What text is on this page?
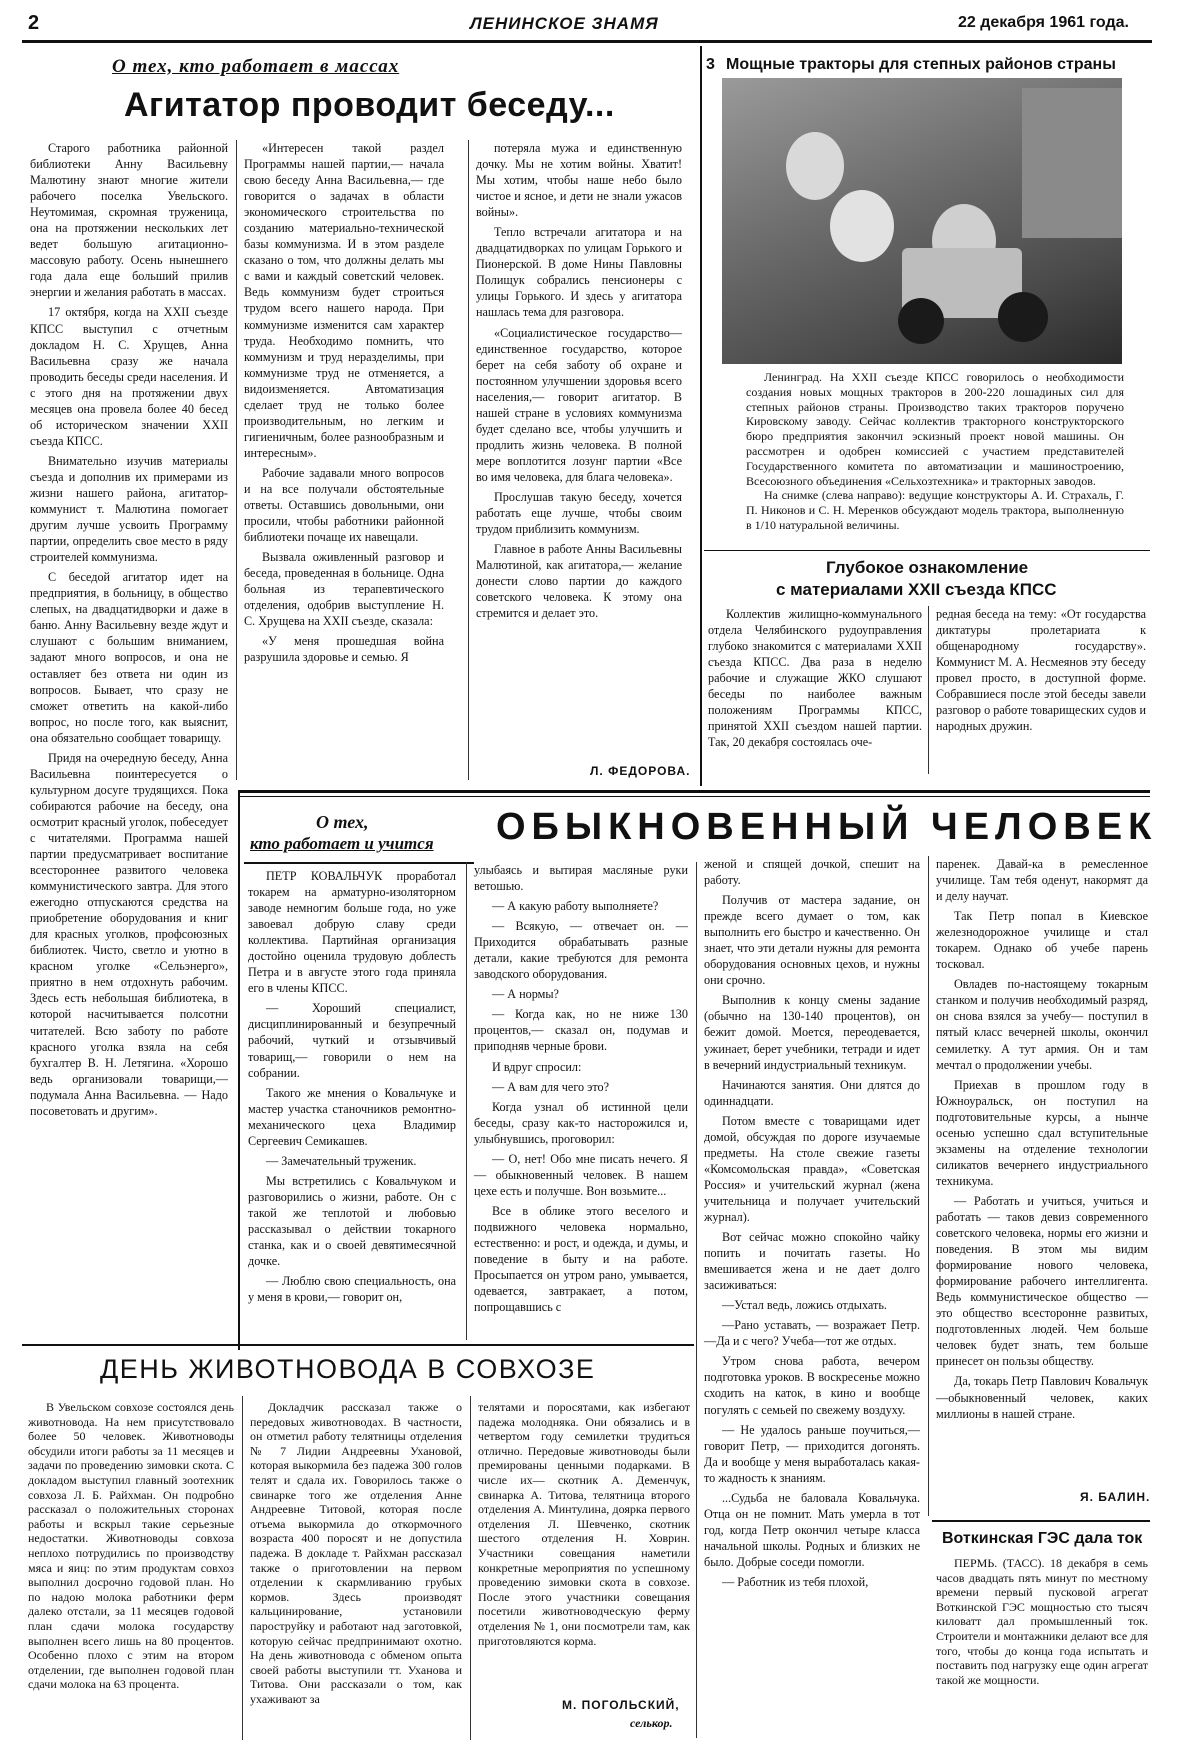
2	ЛЕНИНСКОЕ ЗНАМЯ	22 декабря 1961 года.
О тех, кто работает в массах
Агитатор проводит беседу...

Старого работника районной библиотеки Анну Васильевну Малютину знают многие жители рабочего поселка Увельского. Неутомимая, скромная труженица, она на протяжении нескольких лет ведет большую агитационно-массовую работу. Осень нынешнего года дала еще больший прилив энергии и желания работать в массах.

17 октября, когда на XXII съезде КПСС выступил с отчетным докладом Н. С. Хрущев, Анна Васильевна сразу же начала проводить беседы среди населения. И с этого дня на протяжении двух месяцев она провела более 40 бесед об историческом значении XXII съезда КПСС.

Внимательно изучив материалы съезда и дополнив их примерами из жизни нашего района, агитатор-коммунист т. Малютина помогает другим лучше усвоить Программу партии, определить свое место в ряду строителей коммунизма.

С беседой агитатор идет на предприятия, в больницу, в общество слепых, на двадцатидворки и даже в баню. Анну Васильевну везде ждут и слушают с большим вниманием, задают много вопросов, и она не оставляет без ответа ни один из вопросов. Бывает, что сразу не сможет ответить на какой-либо вопрос, но после того, как выяснит, она обязательно сообщает товарищу.

Придя на очередную беседу, Анна Васильевна поинтересуется о культурном досуге трудящихся. Пока собираются рабочие на беседу, она осмотрит красный уголок, побеседует с читателями. Программа нашей партии предусматривает воспитание всестороннее развитого человека коммунистического завтра. Для этого ежегодно отпускаются средства на приобретение оборудования и книг для красных уголков, профсоюзных библиотек. Чисто, светло и уютно в красном уголке «Сельэнерго», приятно в нем отдохнуть рабочим. Здесь есть небольшая библиотека, в которой насчитывается полсотни читателей. Всю заботу по работе красного уголка взяла на себя бухгалтер В. Н. Летягина. «Хорошо ведь организовали товарищи,— подумала Анна Васильевна. — Надо посоветовать и другим».

«Интересен такой раздел Программы нашей партии,— начала свою беседу Анна Васильевна,— где говорится о задачах в области экономического строительства по созданию материально-технической базы коммунизма. И в этом разделе сказано о том, что должны делать мы с вами и каждый советский человек. Ведь коммунизм будет строиться трудом всего нашего народа. При коммунизме изменится сам характер труда. Необходимо помнить, что коммунизм и труд неразделимы, при коммунизме труд не отменяется, а видоизменяется. Автоматизация сделает труд не только более производительным, но легким и гигиеничным, более разнообразным и интересным».

Рабочие задавали много вопросов и на все получали обстоятельные ответы. Оставшись довольными, они просили, чтобы работники районной библиотеки почаще их навещали.

Вызвала оживленный разговор и беседа, проведенная в больнице. Одна больная из терапевтического отделения, одобрив выступление Н. С. Хрущева на XXII съезде, сказала:

«У меня прошедшая война разрушила здоровье и семью. Я

потеряла мужа и единственную дочку. Мы не хотим войны. Хватит! Мы хотим, чтобы наше небо было чистое и ясное, и дети не знали ужасов войны».

Тепло встречали агитатора и на двадцатидворках по улицам Горького и Пионерской. В доме Нины Павловны Полищук собрались пенсионеры с улицы Горького. И здесь у агитатора нашлась тема для разговора.

«Социалистическое государство— единственное государство, которое берет на себя заботу об охране и постоянном улучшении здоровья всего населения,— говорит агитатор. В нашей стране в условиях коммунизма будет сделано все, чтобы улучшить и продлить жизнь человека. В полной мере воплотится лозунг партии «Все во имя человека, для блага человека».

Прослушав такую беседу, хочется работать еще лучше, чтобы своим трудом приблизить коммунизм.

Главное в работе Анны Васильевны Малютиной, как агитатора,— желание донести слово партии до каждого советского человека. К этому она стремится и делает это.

Л. ФЕДОРОВА.
3 Мощные тракторы для степных районов страны

Ленинград. На XXII съезде КПСС говорилось о необходимости создания новых мощных тракторов в 200-220 лошадиных сил для степных районов страны. Производство таких тракторов поручено Кировскому заводу. Сейчас коллектив тракторного конструкторского бюро предприятия закончил эскизный проект новой машины. Он рассмотрен и одобрен комиссией с участием представителей Государственного комитета по автоматизации и машиностроению, Всесоюзного объединения «Сельхозтехника» и тракторных заводов.

На снимке (слева направо): ведущие конструкторы А. И. Страхаль, Г. П. Никонов и С. Н. Меренков обсуждают модель трактора, выполненную в 1/10 натуральной величины.

Глубокое ознакомление
с материалами XXII съезда КПСС

Коллектив жилищно-коммунального отдела Челябинского рудоуправления глубоко знакомится с материалами XXII съезда КПСС. Два раза в неделю рабочие и служащие ЖКО слушают беседы по наиболее важным положениям Программы КПСС, принятой XXII съездом нашей партии. Так, 20 декабря состоялась оче-

редная беседа на тему: «От государства диктатуры пролетариата к общенародному государству». Коммунист М. А. Несмеянов эту беседу провел просто, в доступной форме. Собравшиеся после этой беседы завели разговор о работе товарищеских судов и народных дружин.

О тех,
кто работает и учится ОБЫКНОВЕННЫЙ ЧЕЛОВЕК

ПЕТР КОВАЛЬЧУК проработал токарем на арматурно-изоляторном заводе немногим больше года, но уже завоевал добрую славу среди коллектива. Партийная организация достойно оценила трудовую доблесть Петра и в августе этого года приняла его в члены КПСС.

— Хороший специалист, дисциплинированный и безупречный рабочий, чуткий и отзывчивый товарищ,— говорили о нем на собрании.

Такого же мнения о Ковальчуке и мастер участка станочников ремонтно-механического цеха Владимир Сергеевич Семикашев.

— Замечательный труженик.

Мы встретились с Ковальчуком и разговорились о жизни, работе. Он с такой же теплотой и любовью рассказывал о действии токарного станка, как и о своей девятимесячной дочке.

— Люблю свою специальность, она у меня в крови,— говорит он,

улыбаясь и вытирая масляные руки ветошью.

— А какую работу выполняете?

— Всякую, — отвечает он. —Приходится обрабатывать разные детали, какие требуются для ремонта заводского оборудования.

— А нормы?

— Когда как, но не ниже 130 процентов,— сказал он, подумав и приподняв черные брови.

И вдруг спросил:

— А вам для чего это?

Когда узнал об истинной цели беседы, сразу как-то насторожился и, улыбнувшись, проговорил:

— О, нет! Обо мне писать нечего. Я— обыкновенный человек. В нашем цехе есть и получше. Вон возьмите...

Все в облике этого веселого и подвижного человека нормально, естественно: и рост, и одежда, и думы, и поведение в быту и на работе. Просыпается он утром рано, умывается, одевается, завтракает, а потом, попрощавшись с

женой и спящей дочкой, спешит на работу.

Получив от мастера задание, он прежде всего думает о том, как выполнить его быстро и качественно. Он знает, что эти детали нужны для ремонта оборудования основных цехов, и нужны они срочно.

Выполнив к концу смены задание (обычно на 130-140 процентов), он бежит домой. Моется, переодевается, ужинает, берет учебники, тетради и идет в вечерний индустриальный техникум.

Начинаются занятия. Они длятся до одиннадцати.

Потом вместе с товарищами идет домой, обсуждая по дороге изучаемые предметы. На столе свежие газеты «Комсомольская правда», «Советская Россия» и учительский журнал (жена учительница и получает учительский журнал).

Вот сейчас можно спокойно чайку попить и почитать газеты. Но вмешивается жена и не дает долго засиживаться:

—Устал ведь, ложись отдыхать.

—Рано уставать, — возражает Петр.—Да и с чего? Учеба—тот же отдых.

Утром снова работа, вечером подготовка уроков. В воскресенье можно сходить на каток, в кино и вообще погулять с семьей по свежему воздуху.

— Не удалось раньше поучиться,— говорит Петр, — приходится догонять. Да и вообще у меня выработалась какая-то жадность к знаниям.

...Судьба не баловала Ковальчука. Отца он не помнит. Мать умерла в тот год, когда Петр окончил четыре класса начальной школы. Родных и близких не было. Добрые соседи помогли.

— Работник из тебя плохой,

паренек. Давай-ка в ремесленное училище. Там тебя оденут, накормят да и делу научат.

Так Петр попал в Киевское железнодорожное училище и стал токарем. Однако об учебе парень тосковал.

Овладев по-настоящему токарным станком и получив необходимый разряд, он снова взялся за учебу— поступил в пятый класс вечерней школы, окончил семилетку. А тут армия. Он и там мечтал о продолжении учебы.

Приехав в прошлом году в Южноуральск, он поступил на подготовительные курсы, а нынче осенью успешно сдал вступительные экзамены на отделение технологии силикатов вечернего индустриального техникума.

— Работать и учиться, учиться и работать — таков девиз современного советского человека, нормы его жизни и поведения. В этом мы видим формирование нового человека, формирование рабочего интеллигента. Ведь коммунистическое общество — это общество всесторонне развитых, подготовленных людей. Чем больше человек будет знать, тем больше принесет он пользы обществу.

Да, токарь Петр Павлович Ковальчук—обыкновенный человек, каких миллионы в нашей стране.

Я. БАЛИН.
ДЕНЬ ЖИВОТНОВОДА В СОВХОЗЕ

В Увельском совхозе состоялся день животновода. На нем присутствовало более 50 человек. Животноводы обсудили итоги работы за 11 месяцев и задачи по проведению зимовки скота. С докладом выступил главный зоотехник совхоза Л. Б. Райхман. Он подробно рассказал о положительных сторонах работы и вскрыл такие серьезные недостатки. Животноводы совхоза неплохо потрудились по производству мяса и яиц: по этим продуктам совхоз выполнил досрочно годовой план. Но по надою молока работники ферм далеко отстали, за 11 месяцев годовой план сдачи молока государству выполнен всего лишь на 80 процентов. Особенно плохо с этим на втором отделении, где выполнен годовой план сдачи молока на 63 процента.

Докладчик рассказал также о передовых животноводах. В частности, он отметил работу телятницы отделения № 7 Лидии Андреевны Ухановой, которая выкормила без падежа 300 голов телят и сдала их. Говорилось также о свинарке того же отделения Анне Андреевне Титовой, которая после отъема выкормила до откормочного возраста 400 поросят и не допустила падежа. В докладе т. Райхман рассказал также о приготовлении на первом отделении к скармливанию грубых кормов. Здесь производят кальцинирование, установили пароструйку и работают над заготовкой, которую сейчас предпринимают охотно. На день животновода с обменом опыта своей работы выступили тт. Уханова и Титова. Они рассказали о том, как ухаживают за

телятами и поросятами, как избегают падежа молодняка. Они обязались и в четвертом году семилетки трудиться отлично. Передовые животноводы были премированы ценными подарками. В числе их— скотник А. Деменчук, свинарка А. Титова, телятница второго отделения А. Минтулина, доярка первого отделения Л. Шевченко, скотник шестого отделения Н. Ховрин. Участники совещания наметили конкретные мероприятия по успешному проведению зимовки скота в совхозе. После этого участники совещания посетили животноводческую ферму отделения № 1, они посмотрели там, как приготовляются корма.

М. ПОГОЛЬСКИЙ,
селькор.
Воткинская ГЭС дала ток

ПЕРМЬ. (ТАСС). 18 декабря в семь часов двадцать пять минут по местному времени первый пусковой агрегат Воткинской ГЭС мощностью сто тысяч киловатт дал промышленный ток. Строители и монтажники делают все для того, чтобы до конца года испытать и поставить под нагрузку еще один агрегат такой же мощности.
